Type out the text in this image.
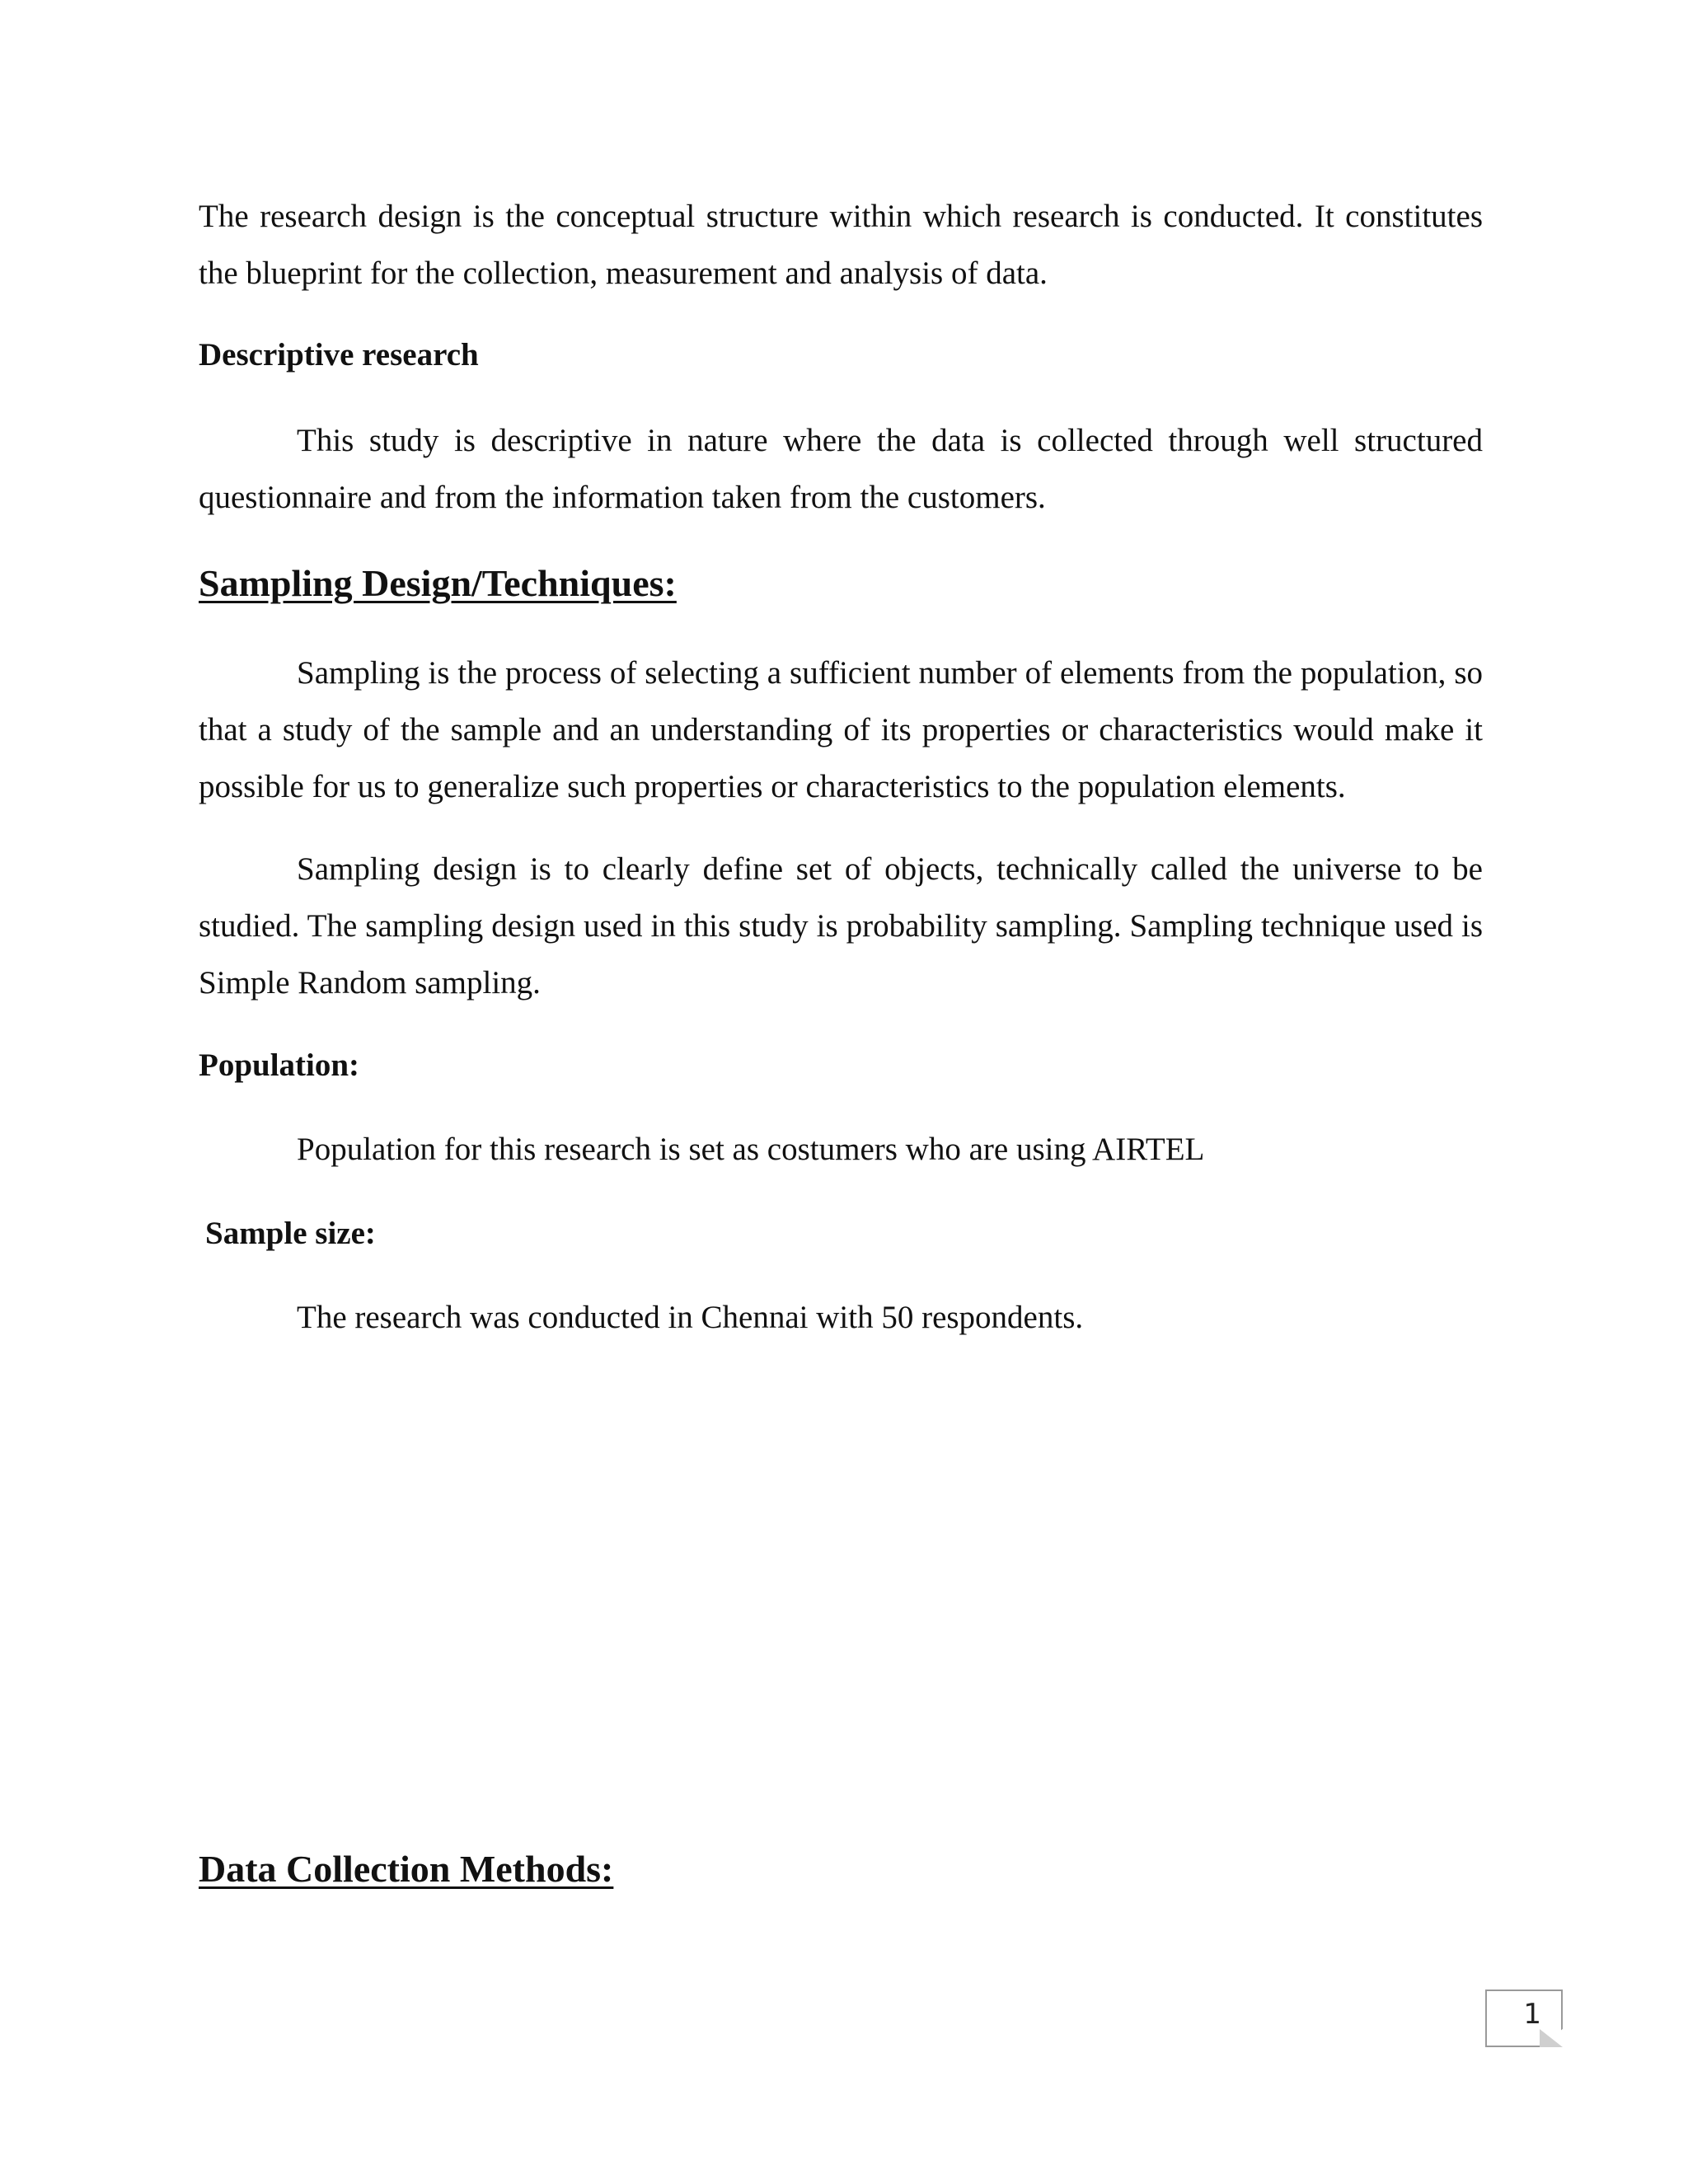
The research design is the conceptual structure within which research is conducted. It constitutes the blueprint for the collection, measurement and analysis of data.

Descriptive research

This study is descriptive in nature where the data is collected through well structured questionnaire and from the information taken from the customers.

Sampling Design/Techniques:

Sampling is the process of selecting a sufficient number of elements from the population, so that a study of the sample and an understanding of its properties or characteristics would make it possible for us to generalize such properties or characteristics to the population elements.

Sampling design is to clearly define set of objects, technically called the universe to be studied. The sampling design used in this study is probability sampling. Sampling technique used is Simple Random sampling.

Population:

Population for this research is set as costumers who are using AIRTEL

Sample size:

The research was conducted in Chennai with 50 respondents.

Data Collection Methods:
1
